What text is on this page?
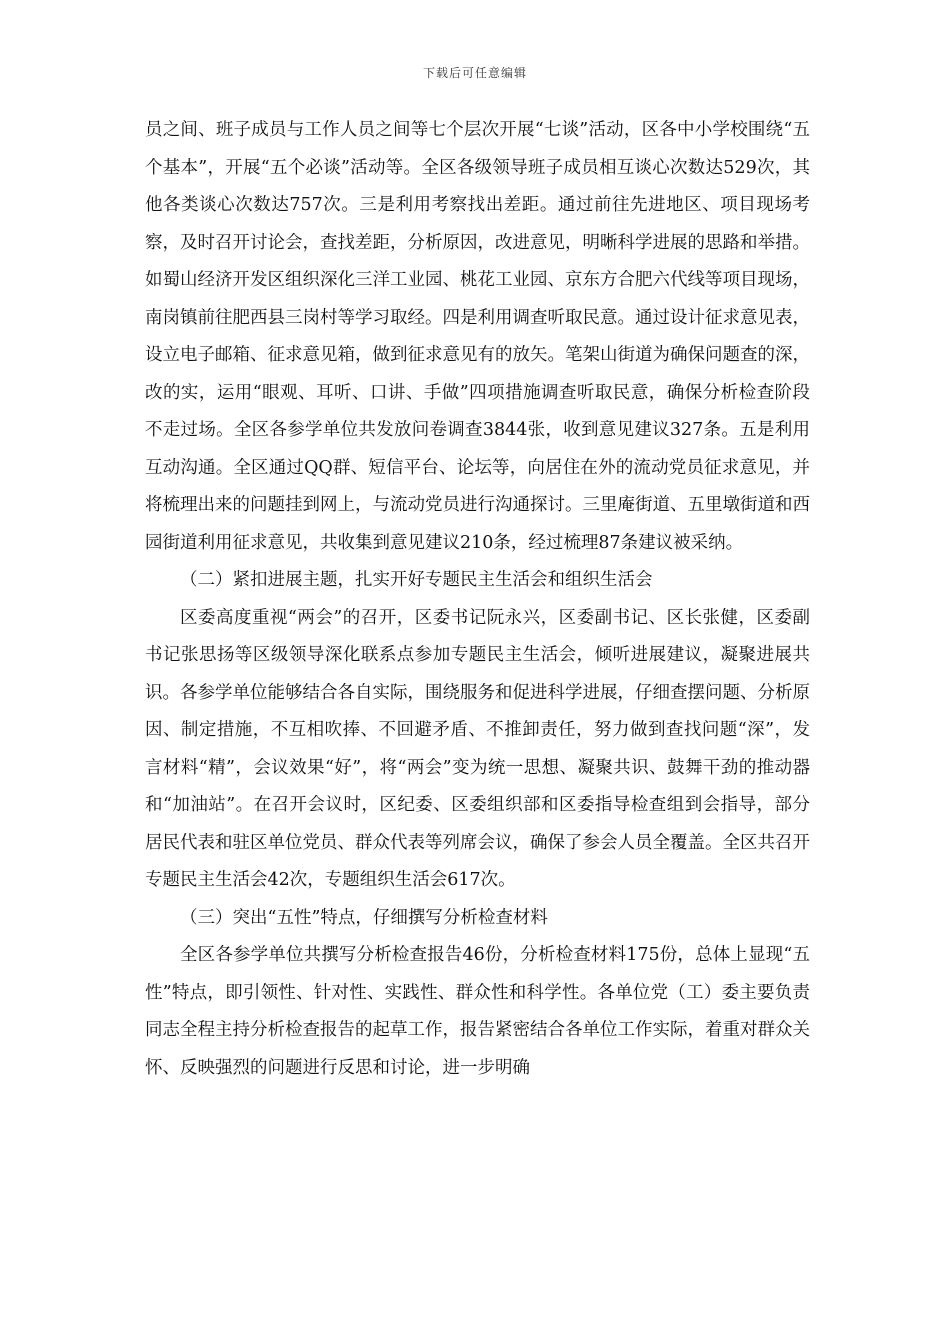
下载后可任意编辑

员之间、班子成员与工作人员之间等七个层次开展“七谈”活动，区各中小学校围绕“五个基本”，开展“五个必谈”活动等。全区各级领导班子成员相互谈心次数达529次，其他各类谈心次数达757次。三是利用考察找出差距。通过前往先进地区、项目现场考察，及时召开讨论会，查找差距，分析原因，改进意见，明晰科学进展的思路和举措。如蜀山经济开发区组织深化三洋工业园、桃花工业园、京东方合肥六代线等项目现场，南岗镇前往肥西县三岗村等学习取经。四是利用调查听取民意。通过设计征求意见表，设立电子邮箱、征求意见箱，做到征求意见有的放矢。笔架山街道为确保问题查的深，改的实，运用“眼观、耳听、口讲、手做”四项措施调查听取民意，确保分析检查阶段不走过场。全区各参学单位共发放问卷调查3844张，收到意见建议327条。五是利用互动沟通。全区通过QQ群、短信平台、论坛等，向居住在外的流动党员征求意见，并将梳理出来的问题挂到网上，与流动党员进行沟通探讨。三里庵街道、五里墩街道和西园街道利用征求意见，共收集到意见建议210条，经过梳理87条建议被采纳。

（二）紧扣进展主题，扎实开好专题民主生活会和组织生活会

区委高度重视“两会”的召开，区委书记阮永兴，区委副书记、区长张健，区委副书记张思扬等区级领导深化联系点参加专题民主生活会，倾听进展建议，凝聚进展共识。各参学单位能够结合各自实际，围绕服务和促进科学进展，仔细查摆问题、分析原因、制定措施，不互相吹捧、不回避矛盾、不推卸责任，努力做到查找问题“深”，发言材料“精”，会议效果“好”，将“两会”变为统一思想、凝聚共识、鼓舞干劲的推动器和“加油站”。在召开会议时，区纪委、区委组织部和区委指导检查组到会指导，部分居民代表和驻区单位党员、群众代表等列席会议，确保了参会人员全覆盖。全区共召开专题民主生活会42次，专题组织生活会617次。

（三）突出“五性”特点，仔细撰写分析检查材料

全区各参学单位共撰写分析检查报告46份，分析检查材料175份，总体上显现“五性”特点，即引领性、针对性、实践性、群众性和科学性。各单位党（工）委主要负责同志全程主持分析检查报告的起草工作，报告紧密结合各单位工作实际，着重对群众关怀、反映强烈的问题进行反思和讨论，进一步明确
